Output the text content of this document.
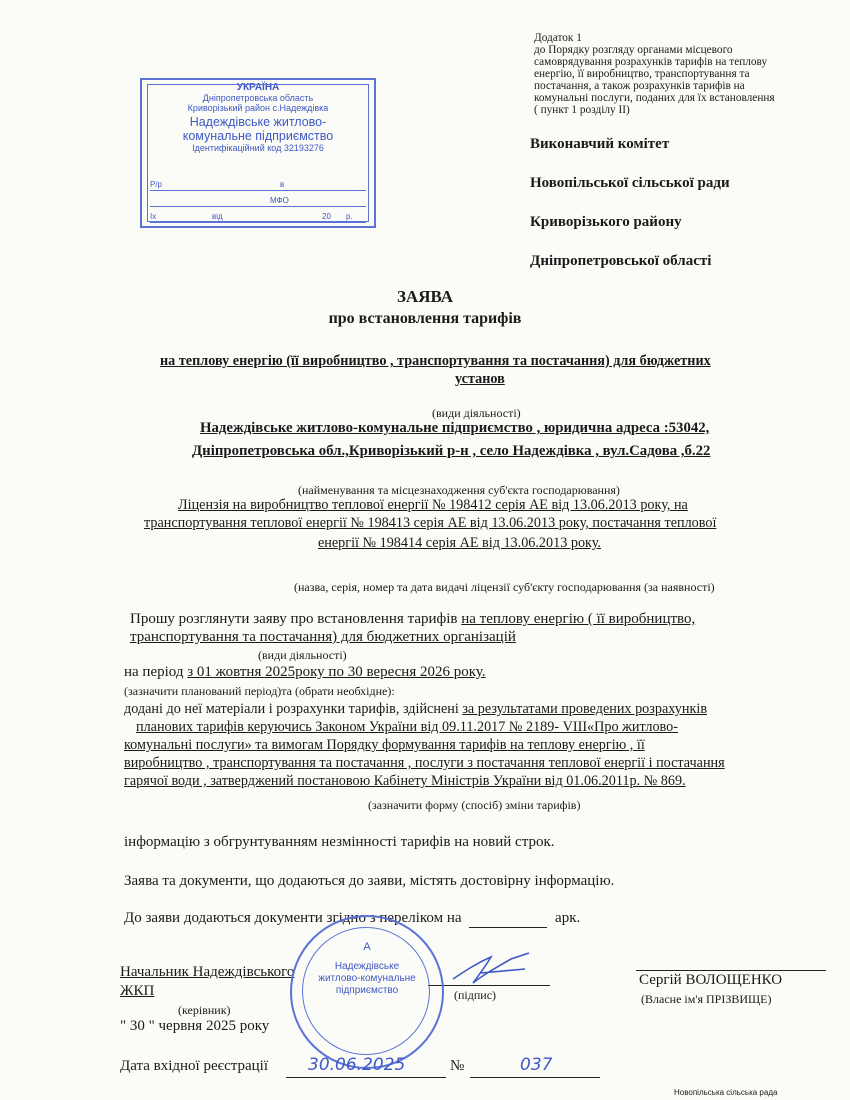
Додаток 1
до Порядку розгляду органами місцевого
самоврядування розрахунків тарифів на теплову
енергію, її виробництво, транспортування та
постачання, а також розрахунків тарифів на
комунальні послуги, поданих для їх встановлення
( пункт 1 розділу ІІ)
УКРАЇНА
Дніпропетровська область
Криворізький район с.Надеждівка
Надеждівське житлово-
комунальне підприємство
Ідентифікаційний код 32193276
Р/р	в
МФО
Іх	від	20 р.
Виконавчий комітет
Новопільської сільської ради
Криворізького району
Дніпропетровської області
ЗАЯВА
про встановлення тарифів
на теплову енергію (її виробництво , транспортування та постачання) для бюджетних
установ
(види діяльності)
Надеждівське житлово-комунальне підприємство , юридична адреса :53042,
Дніпропетровська обл.,Криворізький р-н , село Надеждівка , вул.Садова ,б.22
(найменування та місцезнаходження суб'єкта господарювання)
Ліцензія на виробництво теплової енергії № 198412 серія АЕ від 13.06.2013 року, на
транспортування теплової енергії № 198413 серія АЕ від 13.06.2013 року, постачання теплової
енергії № 198414 серія АЕ від 13.06.2013 року.
(назва, серія, номер та дата видачі ліцензії суб'єкту господарювання (за наявності)
Прошу розглянути заяву про встановлення тарифів на теплову енергію ( її виробництво,
транспортування та постачання) для бюджетних організацій
(види діяльності)
на період з 01 жовтня 2025року по 30 вересня 2026 року.
(зазначити планований період)та (обрати необхідне):
додані до неї матеріали і розрахунки тарифів, здійснені за результатами проведених розрахунків
планових тарифів керуючись Законом України від 09.11.2017 № 2189- VIII«Про житлово-
комунальні послуги» та вимогам Порядку формування тарифів на теплову енергію , її
виробництво , транспортування та постачання , послуги з постачання теплової енергії і постачання
гарячої води , затверджений постановою Кабінету Міністрів України від 01.06.2011р. № 869.
(зазначити форму (спосіб) зміни тарифів)
інформацію з обгрунтуванням незмінності тарифів на новий строк.
Заява та документи, що додаються до заяви, містять достовірну інформацію.
До заяви додаються документи згідно з переліком на	арк.
Начальник Надеждівського
ЖКП
(керівник)
(підпис)
Сергій ВОЛОЩЕНКО
(Власне ім'я ПРІЗВИЩЕ)
" 30 " червня 2025 року
А
Надеждівське
житлово-комунальне
підприємство
Дата вхідної реєстрації 30.06.2025	№	037
Новопільська сільська рада
